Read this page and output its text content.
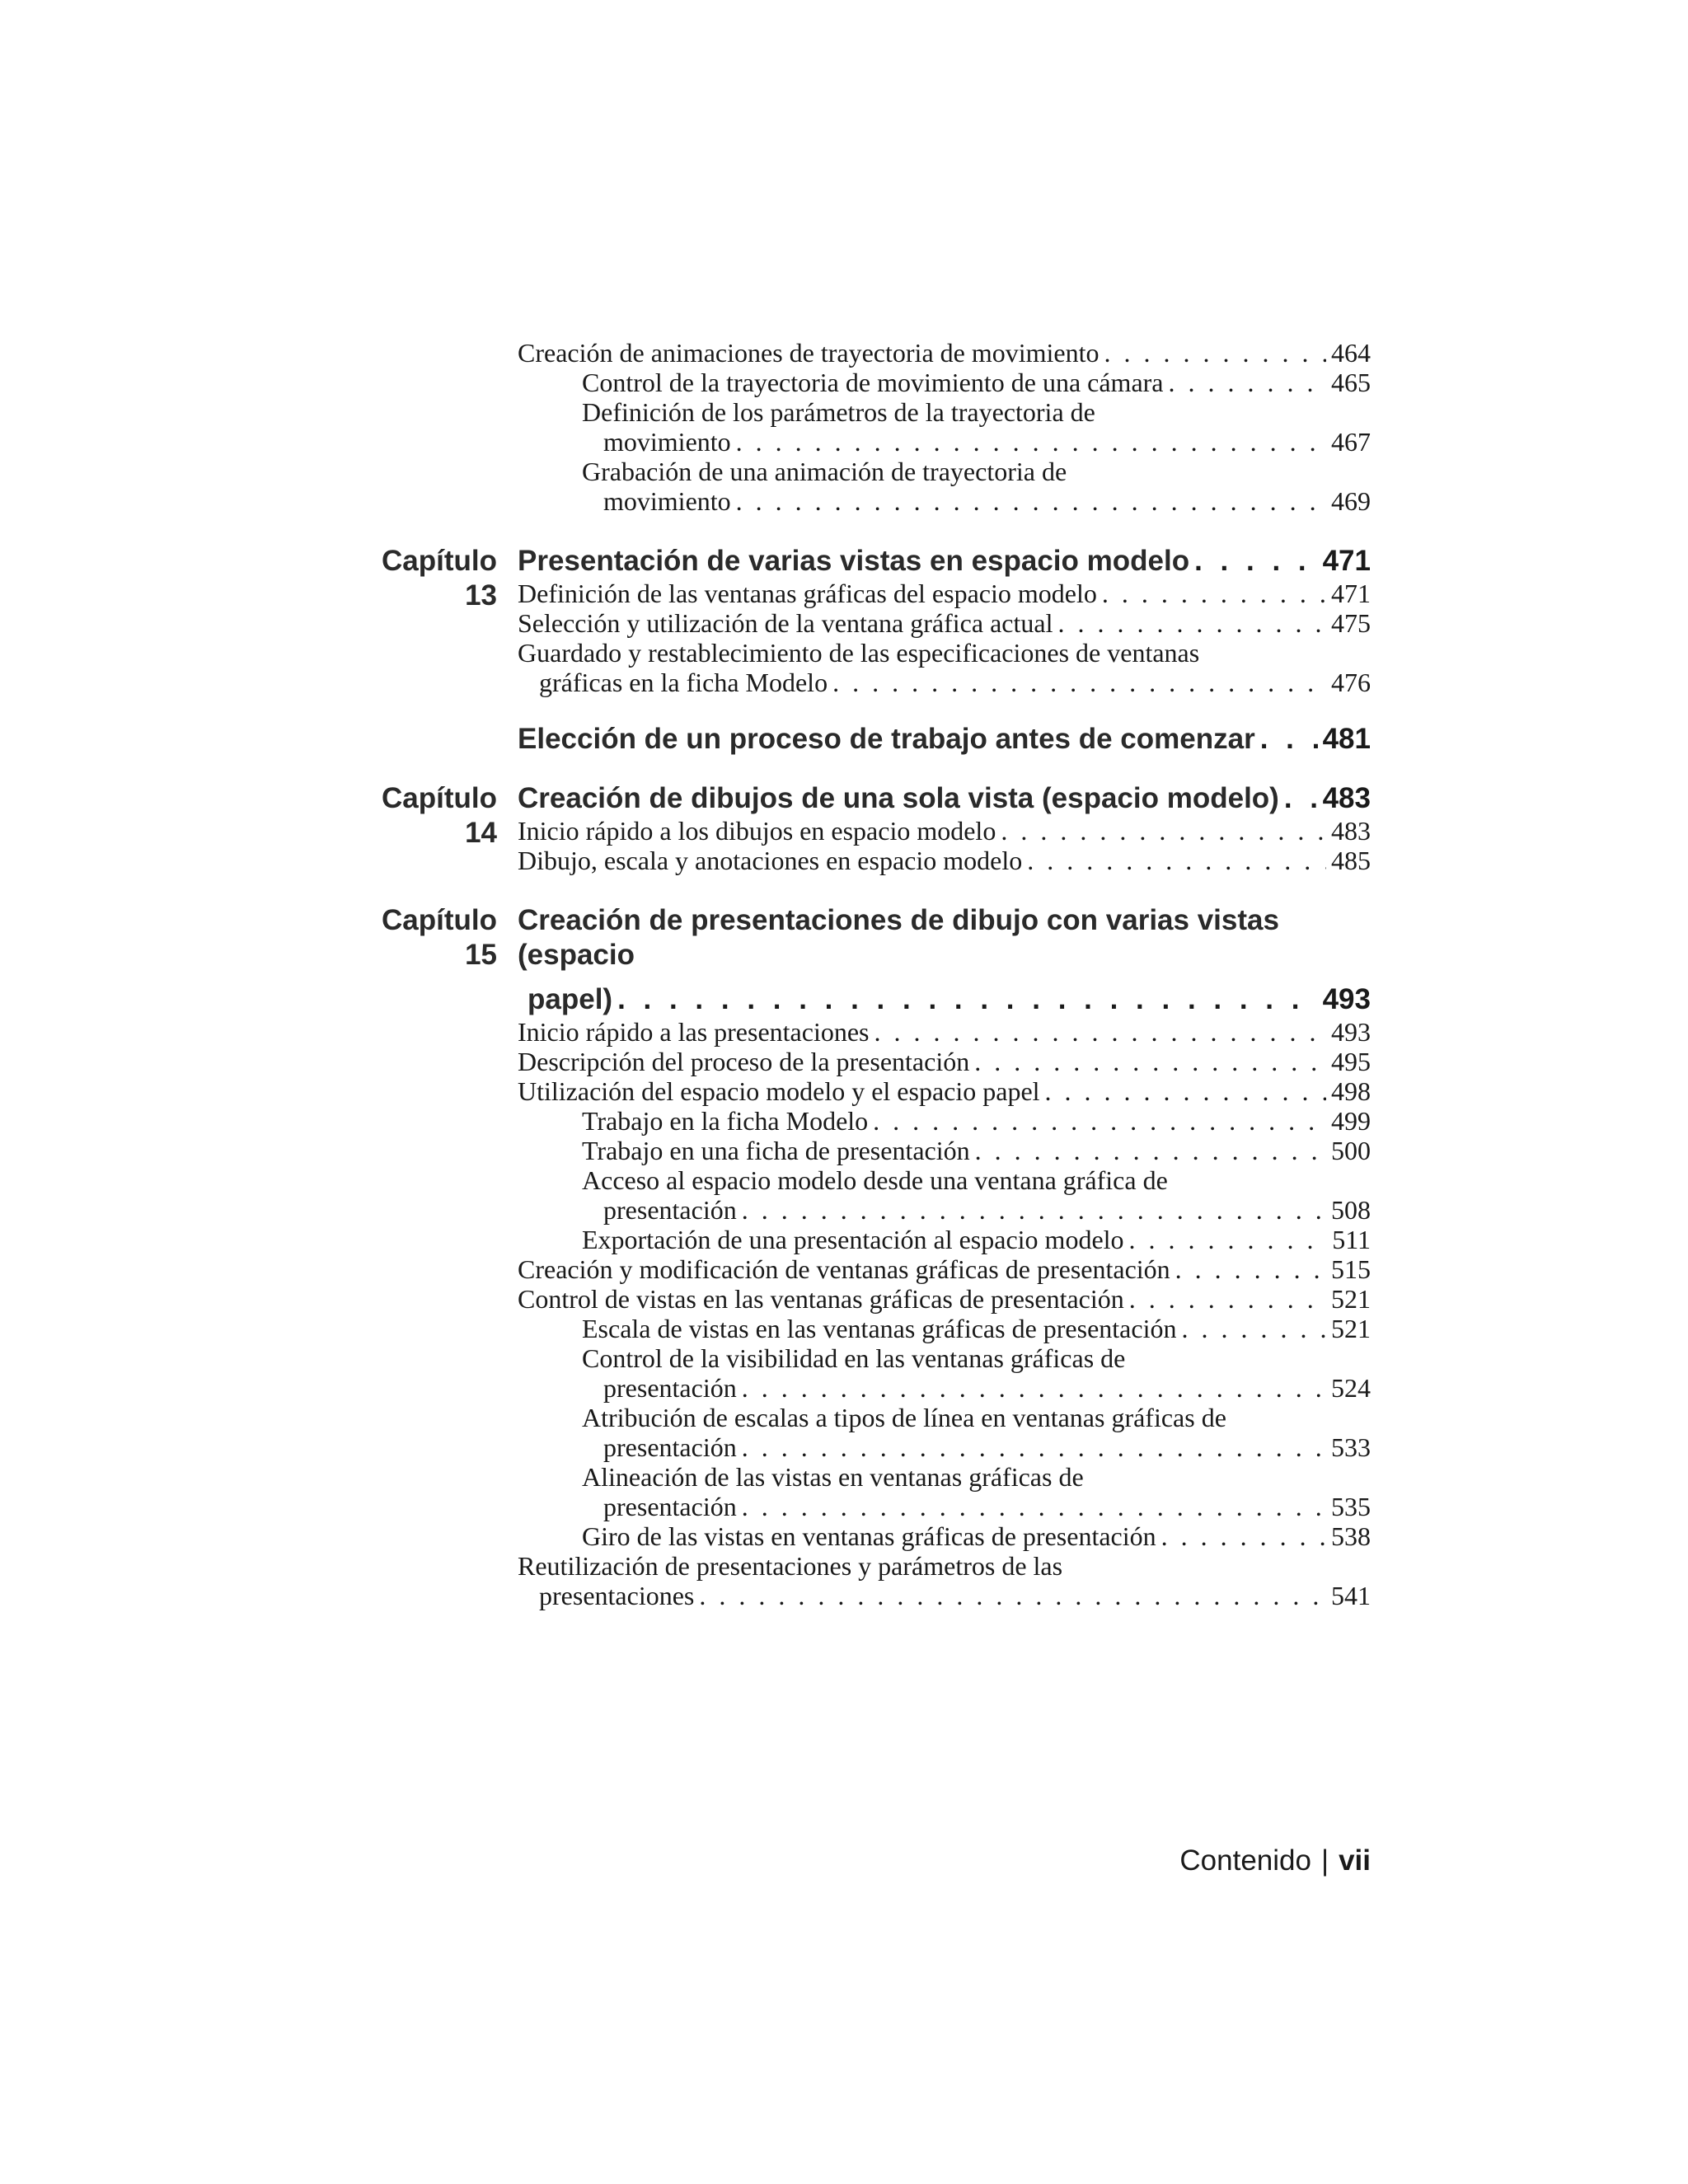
Creación de animaciones de trayectoria de movimiento . . .	464
Control de la trayectoria de movimiento de una cámara . . .	465
Definición de los parámetros de la trayectoria de
movimiento . . .	467
Grabación de una animación de trayectoria de
movimiento . . .	469
Capítulo 13
Presentación de varias vistas en espacio modelo . . .	471
Definición de las ventanas gráficas del espacio modelo . . .	471
Selección y utilización de la ventana gráfica actual . . .	475
Guardado y restablecimiento de las especificaciones de ventanas
gráficas en la ficha Modelo . . .	476
Elección de un proceso de trabajo antes de comenzar . . . 481
Capítulo 14
Creación de dibujos de una sola vista (espacio modelo) . . . 483
Inicio rápido a los dibujos en espacio modelo . . .	483
Dibujo, escala y anotaciones en espacio modelo . . .	485
Capítulo 15
Creación de presentaciones de dibujo con varias vistas (espacio
papel) . . .	493
Inicio rápido a las presentaciones . . .	493
Descripción del proceso de la presentación . . .	495
Utilización del espacio modelo y el espacio papel . . .	498
Trabajo en la ficha Modelo . . .	499
Trabajo en una ficha de presentación . . .	500
Acceso al espacio modelo desde una ventana gráfica de
presentación . . .	508
Exportación de una presentación al espacio modelo . . .	511
Creación y modificación de ventanas gráficas de presentación . . .	515
Control de vistas en las ventanas gráficas de presentación . . .	521
Escala de vistas en las ventanas gráficas de presentación . . .	521
Control de la visibilidad en las ventanas gráficas de
presentación . . .	524
Atribución de escalas a tipos de línea en ventanas gráficas de
presentación . . .	533
Alineación de las vistas en ventanas gráficas de
presentación . . .	535
Giro de las vistas en ventanas gráficas de presentación . . .	538
Reutilización de presentaciones y parámetros de las
presentaciones . . .	541
Contenido | vii
